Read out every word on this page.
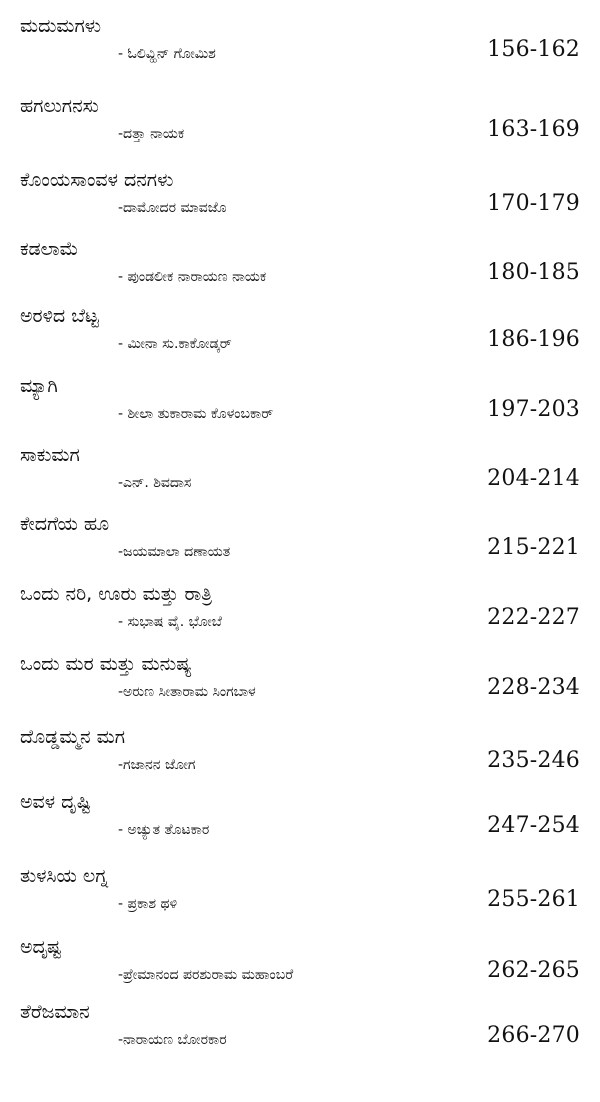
ಮದುಮಗಳು
- ಓಲಿವ್ಹಿನ್ ಗೋಮಿಶ	156-162
ಹಗಲುಗನಸು
-ದತ್ತಾ ನಾಯಕ	163-169
ಕೊಂಯಸಾಂವಳ ದನಗಳು
-ದಾಮೋದರ ಮಾವಜೊ	170-179
ಕಡಲಾಮೆ
- ಪುಂಡಲೀಕ ನಾರಾಯಣ ನಾಯಕ	180-185
ಅರಳಿದ ಬೆಟ್ಟ
- ಮೀನಾ ಸು.ಕಾಕೋಡ್ಕರ್	186-196
ಮ್ಯಾಗಿ
- ಶೀಲಾ ತುಕಾರಾಮ ಕೊಳಂಬಕಾರ್	197-203
ಸಾಕುಮಗ
-ಎನ್. ಶಿವದಾಸ	204-214
ಕೇದಗೆಯ ಹೂ
-ಜಯಮಾಲಾ ದಣಾಯತ	215-221
ಒಂದು ನರಿ, ಊರು ಮತ್ತು ರಾತ್ರಿ
- ಸುಭಾಷ ವೈ. ಭೋಬೆ	222-227
ಒಂದು ಮರ ಮತ್ತು ಮನುಷ್ಯ
-ಅರುಣ ಸೀತಾರಾಮ ಸಿಂಗಬಾಳ	228-234
ದೊಡ್ಡಮ್ಮನ ಮಗ
-ಗಜಾನನ ಜೋಗ	235-246
ಅವಳ ದೃಷ್ಟಿ
- ಅಚ್ಯುತ ತೊಟಕಾರ	247-254
ತುಳಸಿಯ ಲಗ್ನ
- ಪ್ರಕಾಶ ಥಳಿ	255-261
ಅದೃಷ್ಟ
-ಪ್ರೇಮಾನಂದ ಪರಶುರಾಮ ಮಹಾಂಬರೆ	262-265
ತೆರೆಜಮಾನ
-ನಾರಾಯಣ ಬೋರಕಾರ	266-270
